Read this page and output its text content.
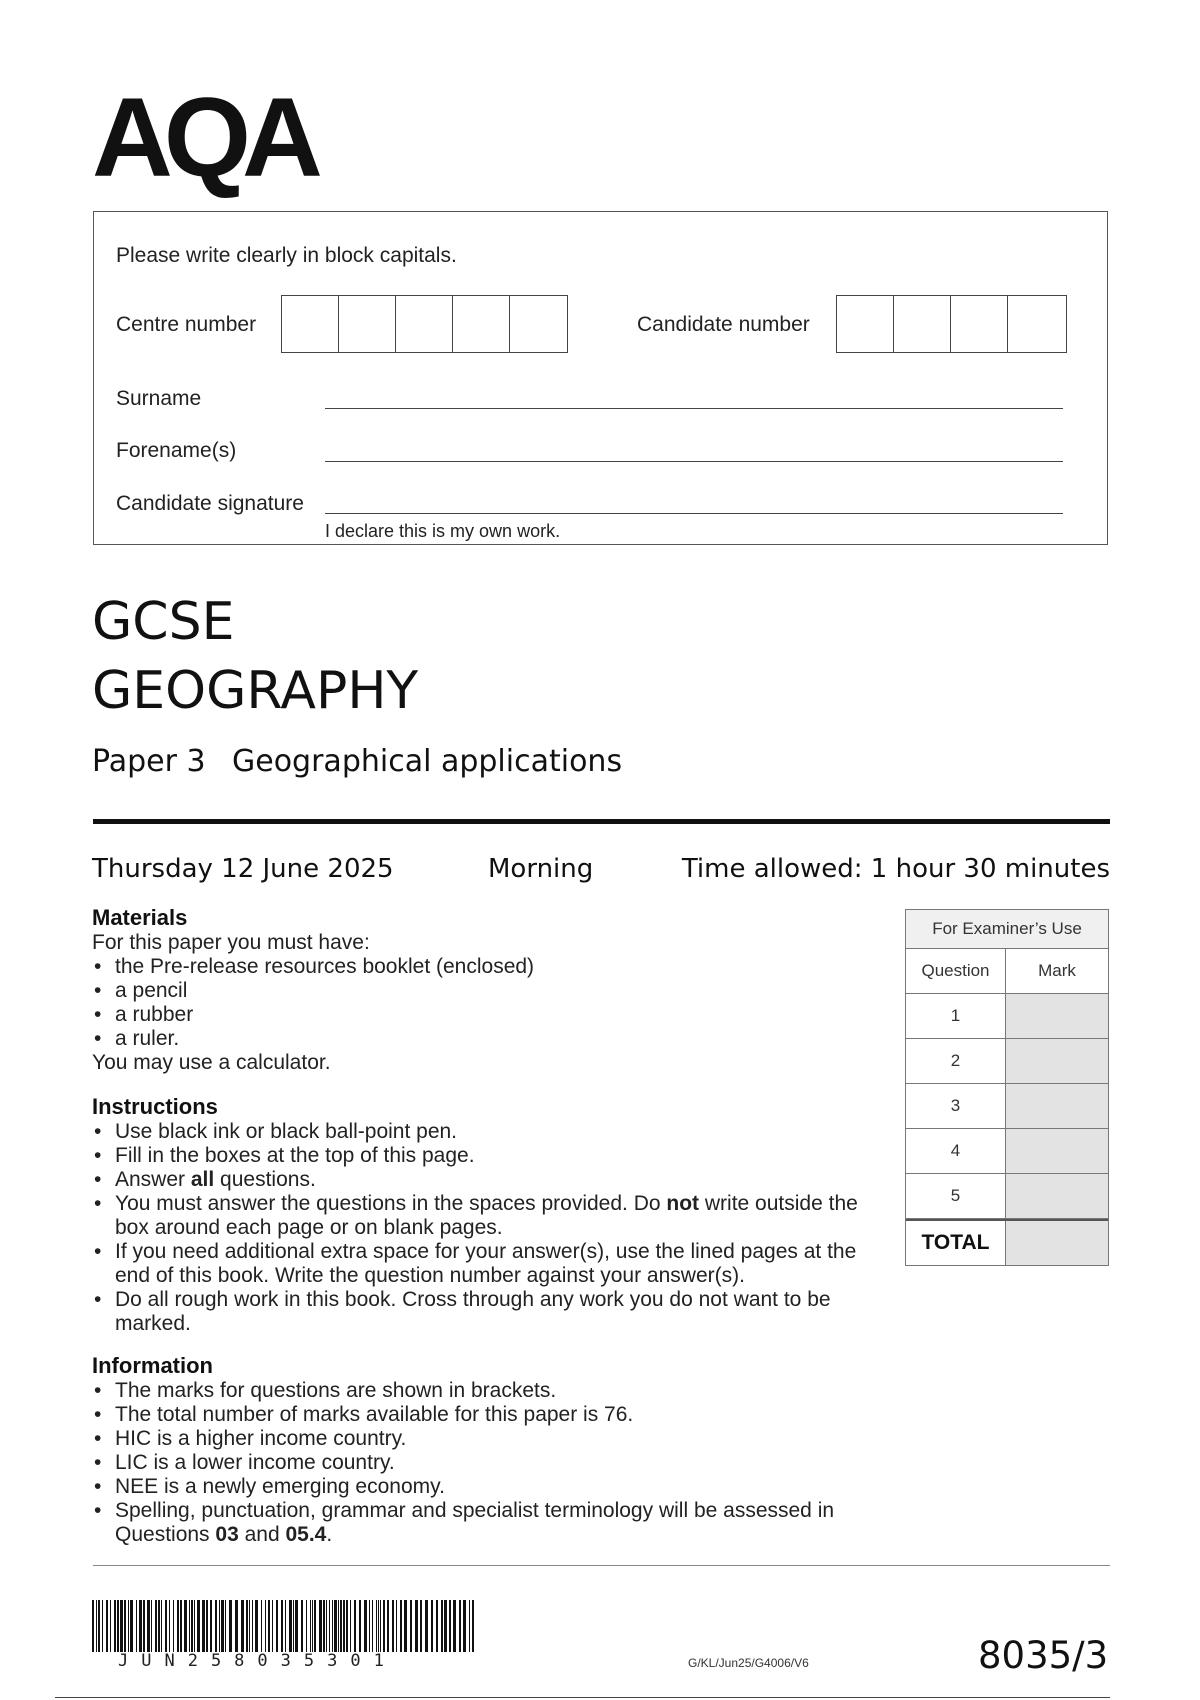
AQA
Please write clearly in block capitals.
Centre number	Candidate number
Surname
Forename(s)
Candidate signature
I declare this is my own work.
GCSE
GEOGRAPHY
Paper 3 Geographical applications
Thursday 12 June 2025	Morning	Time allowed: 1 hour 30 minutes
Materials
For this paper you must have:
• the Pre-release resources booklet (enclosed)
• a pencil
• a rubber
• a ruler.
You may use a calculator.
Instructions
• Use black ink or black ball-point pen.
• Fill in the boxes at the top of this page.
• Answer all questions.
• You must answer the questions in the spaces provided. Do not write outside the box around each page or on blank pages.
• If you need additional extra space for your answer(s), use the lined pages at the end of this book. Write the question number against your answer(s).
• Do all rough work in this book. Cross through any work you do not want to be marked.
Information
• The marks for questions are shown in brackets.
• The total number of marks available for this paper is 76.
• HIC is a higher income country.
• LIC is a lower income country.
• NEE is a newly emerging economy.
• Spelling, punctuation, grammar and specialist terminology will be assessed in Questions 03 and 05.4.
For Examiner’s Use
Question	Mark
1
2
3
4
5
TOTAL
JUN258035301	G/KL/Jun25/G4006/V6	8035/3
